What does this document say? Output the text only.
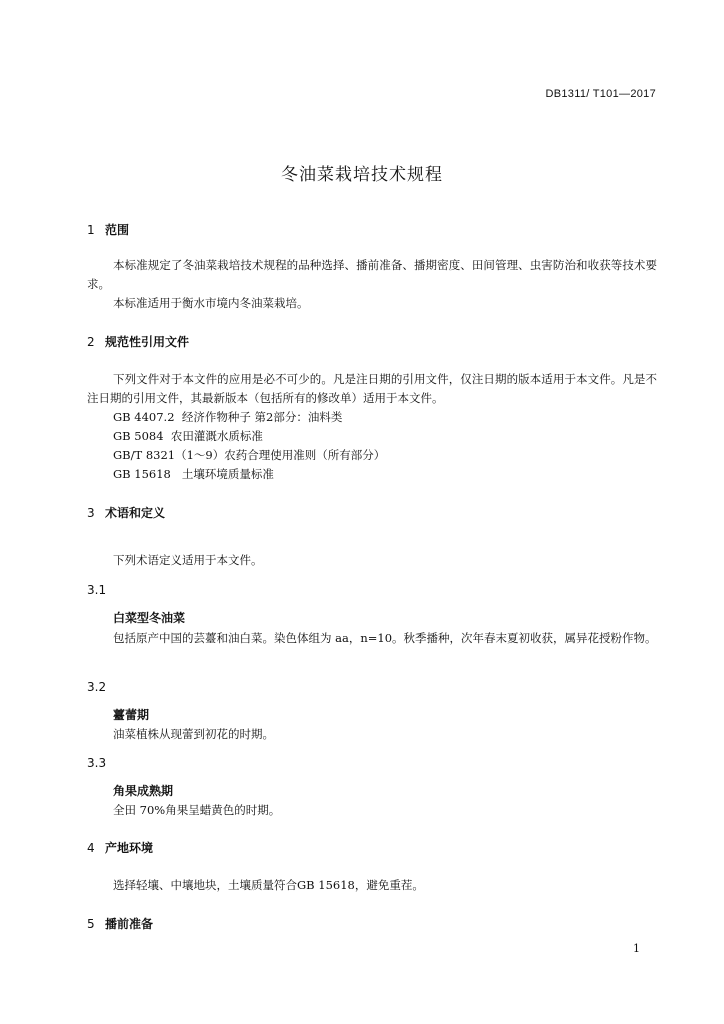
DB1311/ T101—2017
冬油菜栽培技术规程
1 范围
本标准规定了冬油菜栽培技术规程的品种选择、播前准备、播期密度、田间管理、虫害防治和收获等技术要求。
本标准适用于衡水市境内冬油菜栽培。
2 规范性引用文件
下列文件对于本文件的应用是必不可少的。凡是注日期的引用文件，仅注日期的版本适用于本文件。凡是不注日期的引用文件，其最新版本（包括所有的修改单）适用于本文件。
GB 4407.2  经济作物种子 第2部分：油料类
GB 5084  农田灌溉水质标准
GB/T 8321（1～9）农药合理使用准则（所有部分）
GB 15618   土壤环境质量标准
3 术语和定义
下列术语定义适用于本文件。
3.1
白菜型冬油菜
包括原产中国的芸薹和油白菜。染色体组为 aa，n=10。秋季播种，次年春末夏初收获，属异花授粉作物。
3.2
薹蕾期
油菜植株从现蕾到初花的时期。
3.3
角果成熟期
全田 70%角果呈蜡黄色的时期。
4 产地环境
选择轻壤、中壤地块，土壤质量符合GB 15618，避免重茬。
5 播前准备
1
